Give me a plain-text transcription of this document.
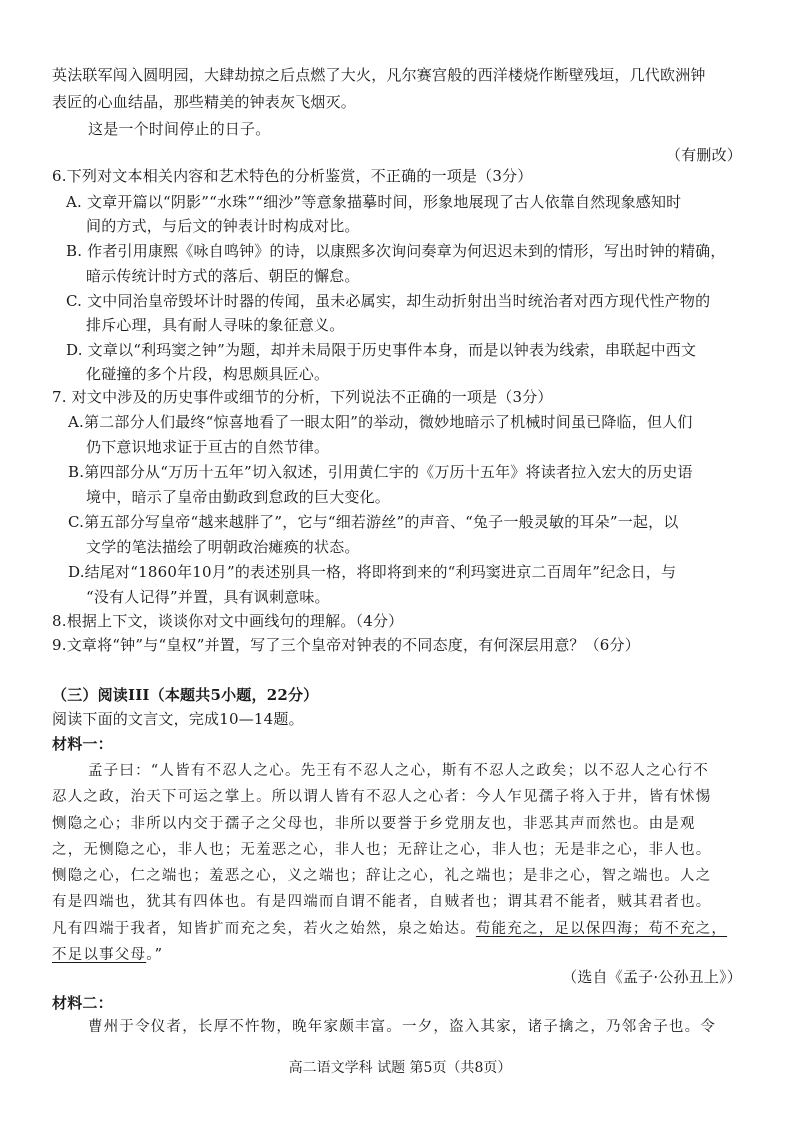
英法联军闯入圆明园，大肆劫掠之后点燃了大火，凡尔赛宫般的西洋楼烧作断壁残垣，几代欧洲钟
表匠的心血结晶，那些精美的钟表灰飞烟灭。
这是一个时间停止的日子。
（有删改）
6.下列对文本相关内容和艺术特色的分析鉴赏，不正确的一项是（3分）
A. 文章开篇以“阴影”“水珠”“细沙”等意象描摹时间，形象地展现了古人依靠自然现象感知时
间的方式，与后文的钟表计时构成对比。
B. 作者引用康熙《咏自鸣钟》的诗，以康熙多次询问奏章为何迟迟未到的情形，写出时钟的精确，
暗示传统计时方式的落后、朝臣的懈怠。
C. 文中同治皇帝毁坏计时器的传闻，虽未必属实，却生动折射出当时统治者对西方现代性产物的
排斥心理，具有耐人寻味的象征意义。
D. 文章以“利玛窦之钟”为题，却并未局限于历史事件本身，而是以钟表为线索，串联起中西文
化碰撞的多个片段，构思颇具匠心。
7. 对文中涉及的历史事件或细节的分析，下列说法不正确的一项是（3分）
A.第二部分人们最终“惊喜地看了一眼太阳”的举动，微妙地暗示了机械时间虽已降临，但人们
仍下意识地求证于亘古的自然节律。
B.第四部分从“万历十五年”切入叙述，引用黄仁宇的《万历十五年》将读者拉入宏大的历史语
境中，暗示了皇帝由勤政到怠政的巨大变化。
C.第五部分写皇帝“越来越胖了”，它与“细若游丝”的声音、“兔子一般灵敏的耳朵”一起，以
文学的笔法描绘了明朝政治瘫痪的状态。
D.结尾对“1860年10月”的表述别具一格，将即将到来的“利玛窦进京二百周年”纪念日，与
“没有人记得”并置，具有讽刺意味。
8.根据上下文，谈谈你对文中画线句的理解。（4分）
9.文章将“钟”与“皇权”并置，写了三个皇帝对钟表的不同态度，有何深层用意？（6分）
（三）阅读III（本题共5小题，22分）
阅读下面的文言文，完成10—14题。
材料一：
孟子曰：“人皆有不忍人之心。先王有不忍人之心，斯有不忍人之政矣；以不忍人之心行不
忍人之政，治天下可运之掌上。所以谓人皆有不忍人之心者：今人乍见孺子将入于井，皆有怵惕
恻隐之心；非所以内交于孺子之父母也，非所以要誉于乡党朋友也，非恶其声而然也。由是观
之，无恻隐之心，非人也；无羞恶之心，非人也；无辞让之心，非人也；无是非之心，非人也。
恻隐之心，仁之端也；羞恶之心，义之端也；辞让之心，礼之端也；是非之心，智之端也。人之
有是四端也，犹其有四体也。有是四端而自谓不能者，自贼者也；谓其君不能者，贼其君者也。
凡有四端于我者，知皆扩而充之矣，若火之始然，泉之始达。苟能充之，足以保四海；苟不充之，
不足以事父母。”
（选自《孟子·公孙丑上》）
材料二：
曹州于令仪者，长厚不忤物，晚年家颇丰富。一夕，盗入其家，诸子擒之，乃邻舍子也。令
高二语文学科 试题 第5页（共8页）
